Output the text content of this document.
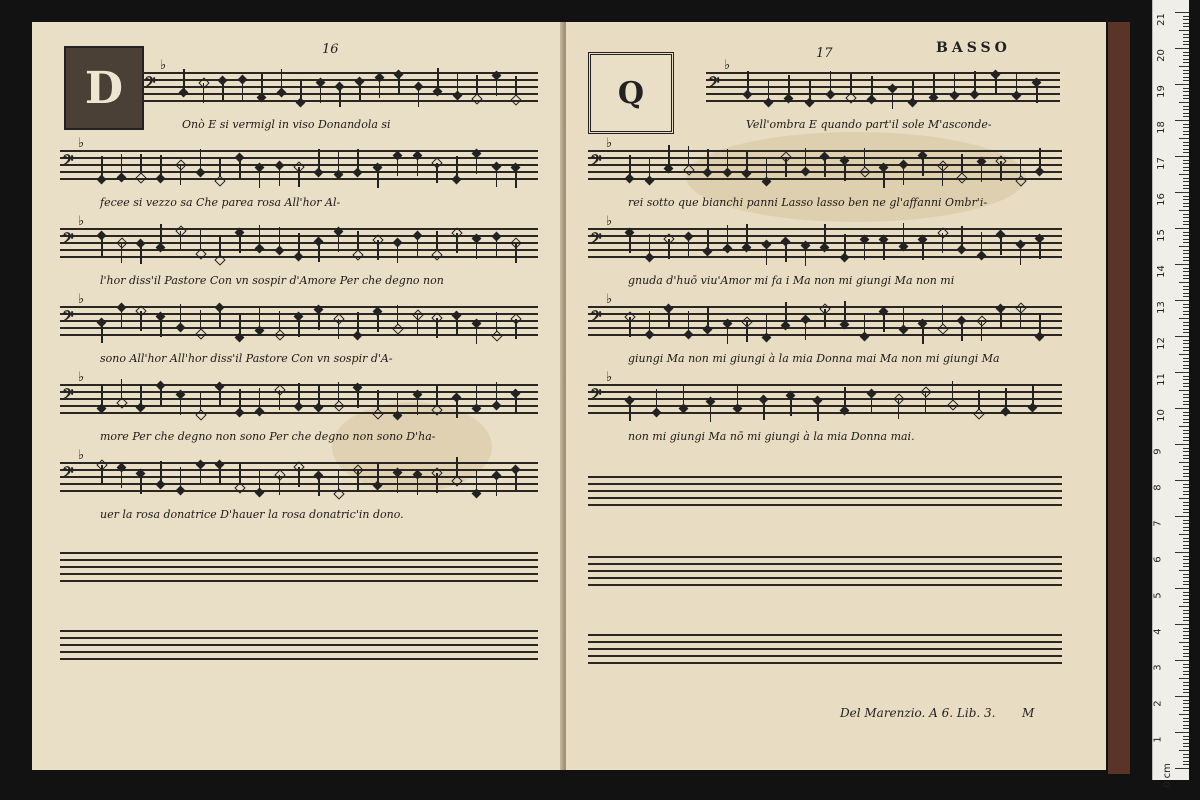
16
D	𝄢
♭
Onò E si vermigl in viso Donandola si
𝄢
♭
fecee si vezzo sa Che parea rosa All'hor Al-
𝄢
♭
l'hor diss'il Pastore Con vn sospir d'Amore Per che degno non
𝄢
♭
sono All'hor All'hor diss'il Pastore Con vn sospir d'A-
𝄢
♭
more Per che degno non sono Per che degno non sono D'ha-
𝄢
♭
uer la rosa donatrice D'hauer la rosa donatric'in dono.
17	BASSO
Q	𝄢
♭
Vell'ombra E quando part'il sole M'asconde-
𝄢
♭
rei sotto que bianchi panni Lasso lasso ben ne gl'affanni Ombr'i-
𝄢
♭
gnuda d'huō viu'Amor mi fa i Ma non mi giungi Ma non mi
𝄢
♭
giungi Ma non mi giungi à la mia Donna mai Ma non mi giungi Ma
𝄢
♭
non mi giungi Ma nō mi giungi à la mia Donna mai.
Del Marenzio. A 6. Lib. 3. M
21
20
19
18
17
16
15
14
13
12
11
10
9
8
7
6
5
4
3
2
1
0 cm
